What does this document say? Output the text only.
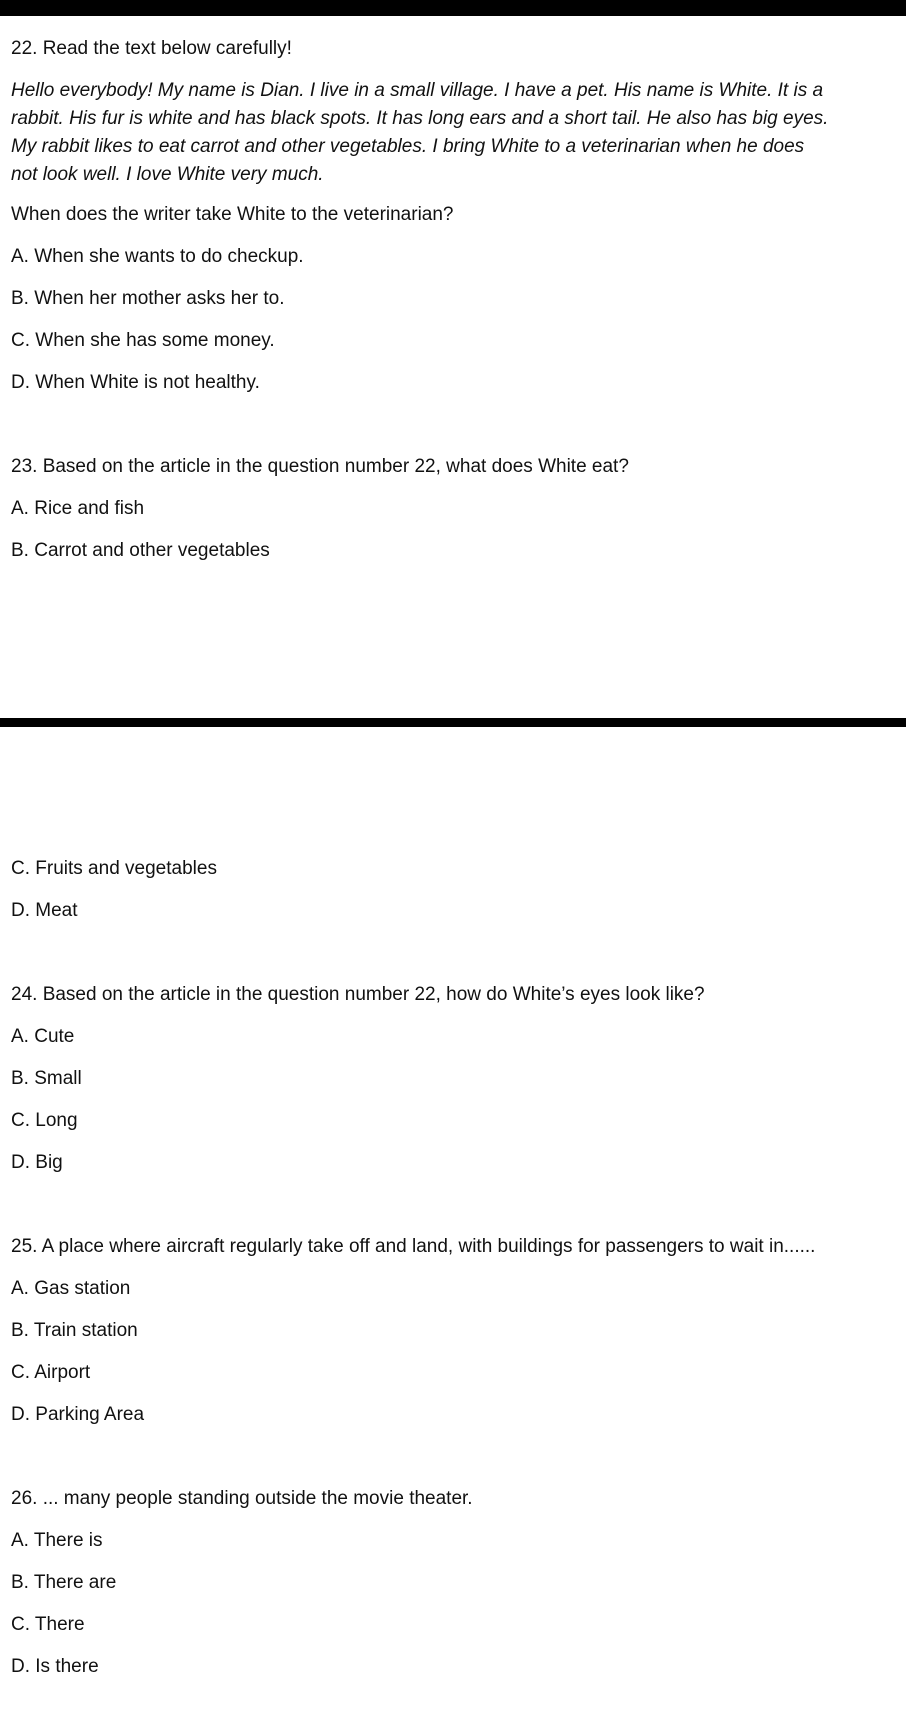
22. Read the text below carefully!
Hello everybody! My name is Dian. I live in a small village. I have a pet. His name is White. It is a
rabbit. His fur is white and has black spots. It has long ears and a short tail. He also has big eyes.
My rabbit likes to eat carrot and other vegetables. I bring White to a veterinarian when he does
not look well. I love White very much.
When does the writer take White to the veterinarian?
A. When she wants to do checkup.
B. When her mother asks her to.
C. When she has some money.
D. When White is not healthy.
23. Based on the article in the question number 22, what does White eat?
A. Rice and fish
B. Carrot and other vegetables
C. Fruits and vegetables
D. Meat
24. Based on the article in the question number 22, how do White’s eyes look like?
A. Cute
B. Small
C. Long
D. Big
25. A place where aircraft regularly take off and land, with buildings for passengers to wait in......
A. Gas station
B. Train station
C. Airport
D. Parking Area
26. ... many people standing outside the movie theater.
A. There is
B. There are
C. There
D. Is there
